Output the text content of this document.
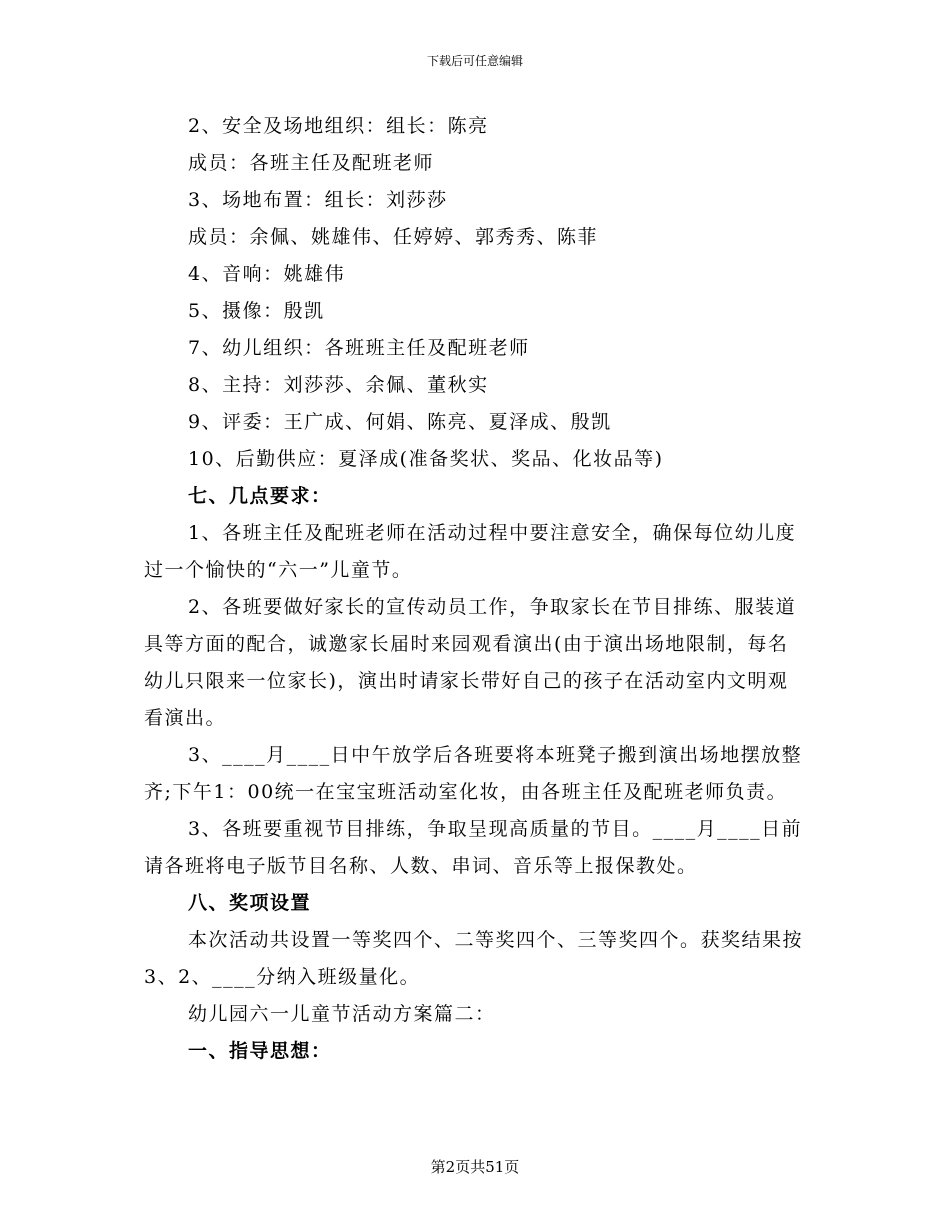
下载后可任意编辑

2、安全及场地组织：组长：陈亮

成员：各班主任及配班老师

3、场地布置：组长：刘莎莎

成员：余佩、姚雄伟、任婷婷、郭秀秀、陈菲

4、音响：姚雄伟

5、摄像：殷凯

7、幼儿组织：各班班主任及配班老师

8、主持：刘莎莎、余佩、董秋实

9、评委：王广成、何娟、陈亮、夏泽成、殷凯

10、后勤供应：夏泽成(准备奖状、奖品、化妆品等)

七、几点要求：

1、各班主任及配班老师在活动过程中要注意安全，确保每位幼儿度过一个愉快的“六一”儿童节。

2、各班要做好家长的宣传动员工作，争取家长在节目排练、服装道具等方面的配合，诚邀家长届时来园观看演出(由于演出场地限制，每名幼儿只限来一位家长)，演出时请家长带好自己的孩子在活动室内文明观看演出。

3、____月____日中午放学后各班要将本班凳子搬到演出场地摆放整齐;下午1：00统一在宝宝班活动室化妆，由各班主任及配班老师负责。

3、各班要重视节目排练，争取呈现高质量的节目。____月____日前请各班将电子版节目名称、人数、串词、音乐等上报保教处。

八、奖项设置

本次活动共设置一等奖四个、二等奖四个、三等奖四个。获奖结果按3、2、____分纳入班级量化。

幼儿园六一儿童节活动方案篇二：

一、指导思想：

第2页共51页
